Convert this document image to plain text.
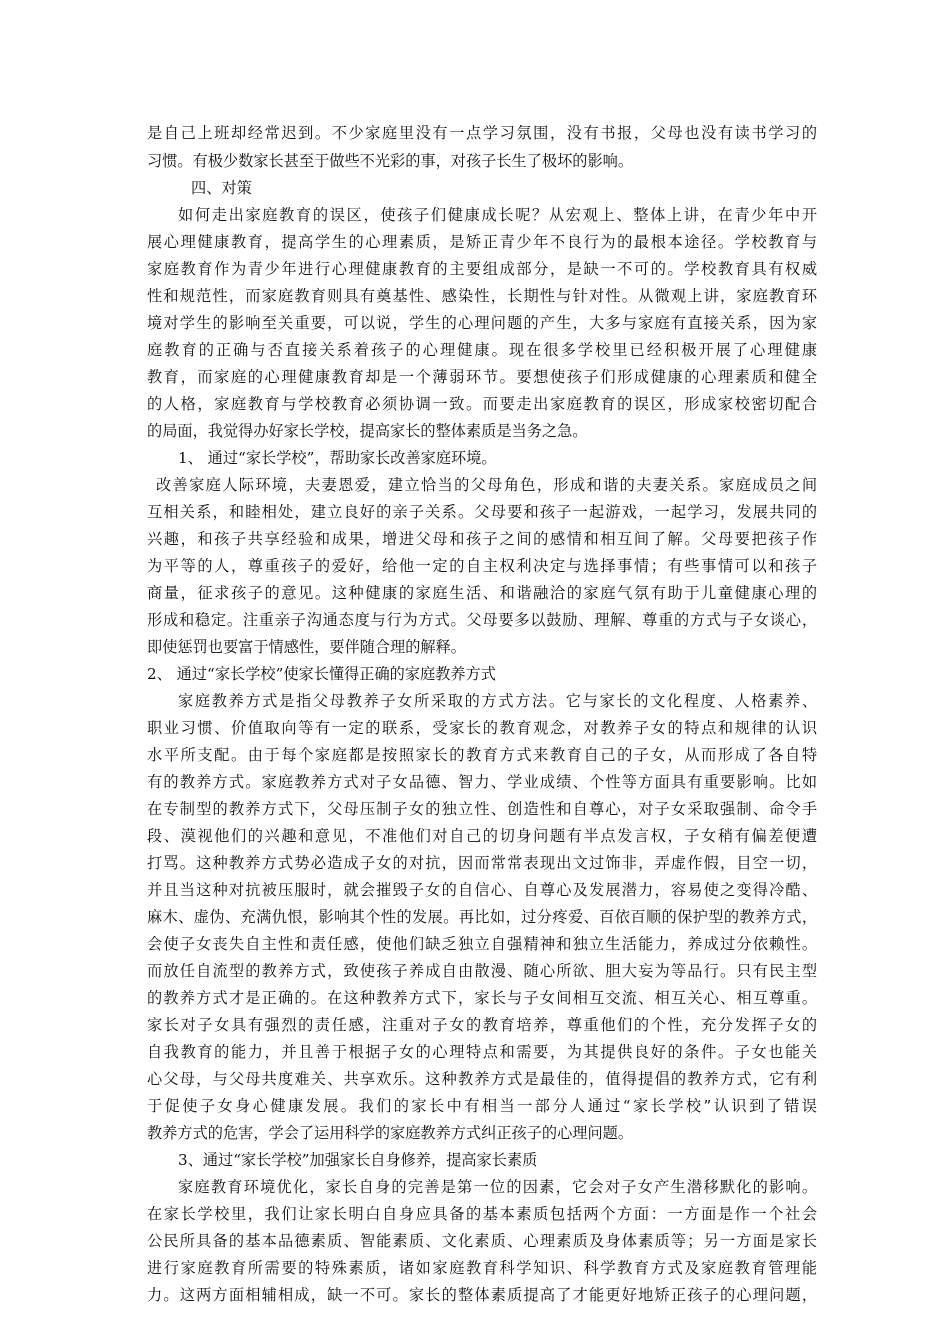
是自己上班却经常迟到。不少家庭里没有一点学习氛围，没有书报，父母也没有读书学习的
习惯。有极少数家长甚至于做些不光彩的事，对孩子长生了极坏的影响。
四、对策
如何走出家庭教育的误区，使孩子们健康成长呢？从宏观上、整体上讲，在青少年中开
展心理健康教育，提高学生的心理素质，是矫正青少年不良行为的最根本途径。学校教育与
家庭教育作为青少年进行心理健康教育的主要组成部分，是缺一不可的。学校教育具有权威
性和规范性，而家庭教育则具有奠基性、感染性，长期性与针对性。从微观上讲，家庭教育环
境对学生的影响至关重要，可以说，学生的心理问题的产生，大多与家庭有直接关系，因为家
庭教育的正确与否直接关系着孩子的心理健康。现在很多学校里已经积极开展了心理健康
教育，而家庭的心理健康教育却是一个薄弱环节。要想使孩子们形成健康的心理素质和健全
的人格，家庭教育与学校教育必须协调一致。而要走出家庭教育的误区，形成家校密切配合
的局面，我觉得办好家长学校，提高家长的整体素质是当务之急。
1、 通过“家长学校”，帮助家长改善家庭环境。
改善家庭人际环境，夫妻恩爱，建立恰当的父母角色，形成和谐的夫妻关系。家庭成员之间
互相关系，和睦相处，建立良好的亲子关系。父母要和孩子一起游戏，一起学习，发展共同的
兴趣，和孩子共享经验和成果，增进父母和孩子之间的感情和相互间了解。父母要把孩子作
为平等的人，尊重孩子的爱好，给他一定的自主权利决定与选择事情；有些事情可以和孩子
商量，征求孩子的意见。这种健康的家庭生活、和谐融洽的家庭气氛有助于儿童健康心理的
形成和稳定。注重亲子沟通态度与行为方式。父母要多以鼓励、理解、尊重的方式与子女谈心，
即使惩罚也要富于情感性，要伴随合理的解释。
2、 通过“家长学校”使家长懂得正确的家庭教养方式
家庭教养方式是指父母教养子女所采取的方式方法。它与家长的文化程度、人格素养、
职业习惯、价值取向等有一定的联系，受家长的教育观念，对教养子女的特点和规律的认识
水平所支配。由于每个家庭都是按照家长的教育方式来教育自己的子女，从而形成了各自特
有的教养方式。家庭教养方式对子女品德、智力、学业成绩、个性等方面具有重要影响。比如
在专制型的教养方式下，父母压制子女的独立性、创造性和自尊心，对子女采取强制、命令手
段、漠视他们的兴趣和意见，不准他们对自己的切身问题有半点发言权，子女稍有偏差便遭
打骂。这种教养方式势必造成子女的对抗，因而常常表现出文过饰非，弄虚作假，目空一切，
并且当这种对抗被压服时，就会摧毁子女的自信心、自尊心及发展潜力，容易使之变得冷酷、
麻木、虚伪、充满仇恨，影响其个性的发展。再比如，过分疼爱、百依百顺的保护型的教养方式，
会使子女丧失自主性和责任感，使他们缺乏独立自强精神和独立生活能力，养成过分依赖性。
而放任自流型的教养方式，致使孩子养成自由散漫、随心所欲、胆大妄为等品行。只有民主型
的教养方式才是正确的。在这种教养方式下，家长与子女间相互交流、相互关心、相互尊重。
家长对子女具有强烈的责任感，注重对子女的教育培养，尊重他们的个性，充分发挥子女的
自我教育的能力，并且善于根据子女的心理特点和需要，为其提供良好的条件。子女也能关
心父母，与父母共度难关、共享欢乐。这种教养方式是最佳的，值得提倡的教养方式，它有利
于促使子女身心健康发展。我们的家长中有相当一部分人通过“家长学校”认识到了错误
教养方式的危害，学会了运用科学的家庭教养方式纠正孩子的心理问题。
3、通过“家长学校”加强家长自身修养，提高家长素质
家庭教育环境优化，家长自身的完善是第一位的因素，它会对子女产生潜移默化的影响。
在家长学校里，我们让家长明白自身应具备的基本素质包括两个方面：一方面是作一个社会
公民所具备的基本品德素质、智能素质、文化素质、心理素质及身体素质等；另一方面是家长
进行家庭教育所需要的特殊素质，诸如家庭教育科学知识、科学教育方式及家庭教育管理能
力。这两方面相辅相成，缺一不可。家长的整体素质提高了才能更好地矫正孩子的心理问题，
